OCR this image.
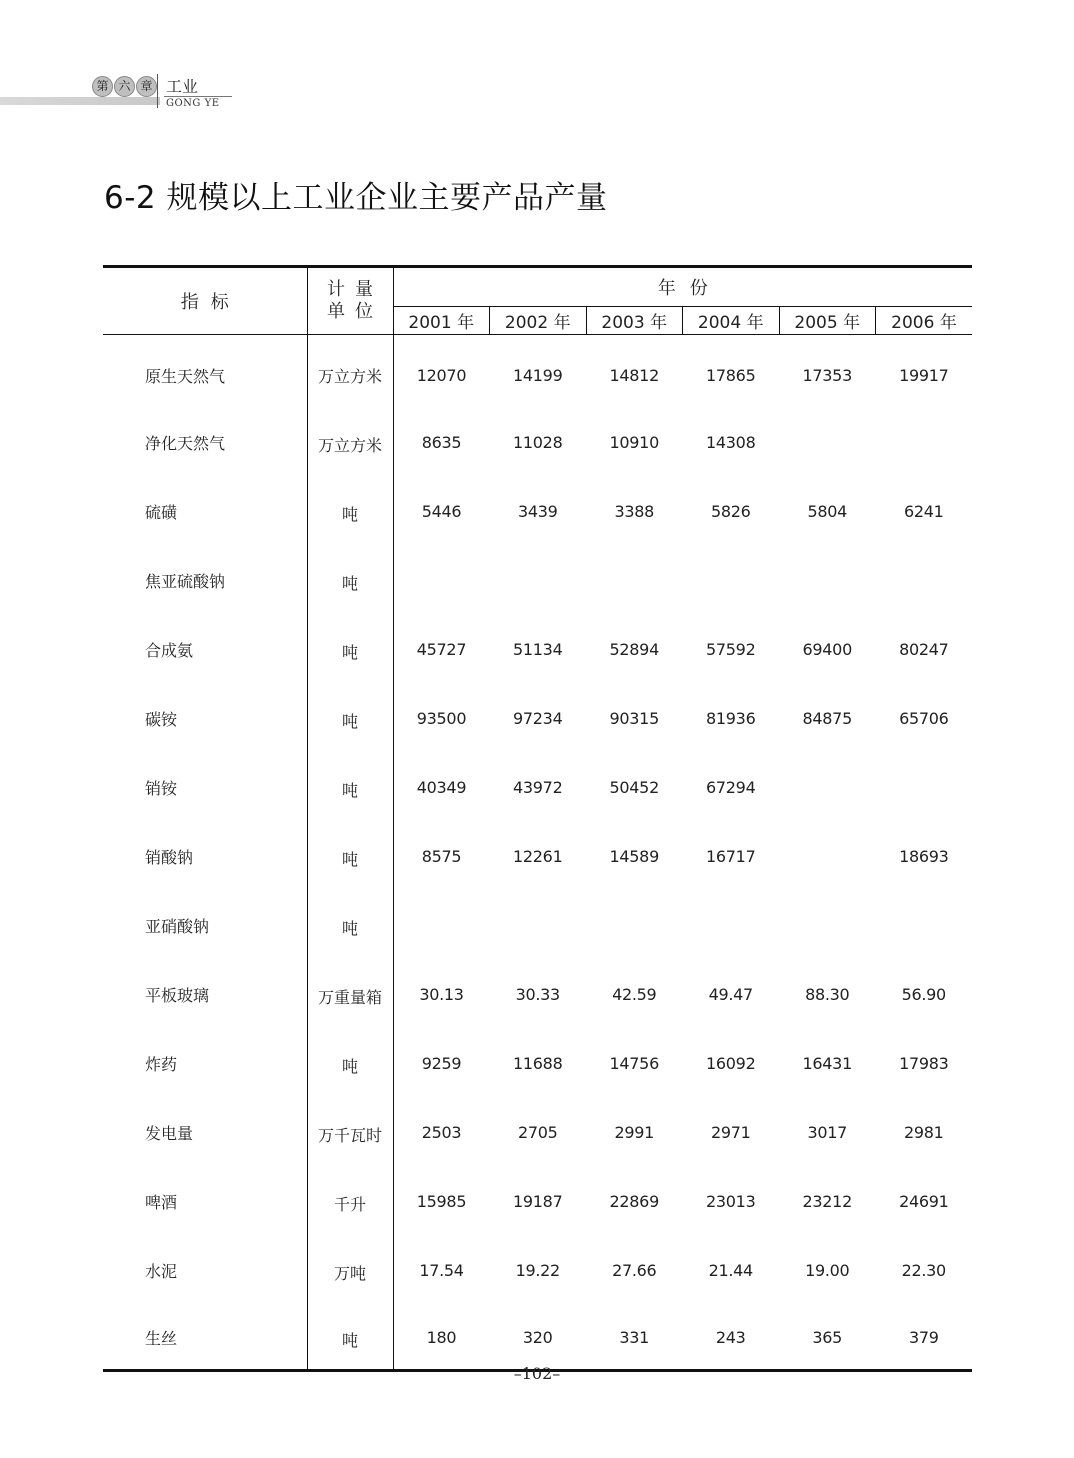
第 六 章 工业
GONG YE
6-2 规模以上工业企业主要产品产量
指标	计量
单位	年份					
		2001 年	2002 年	2003 年	2004 年	2005 年	2006 年
原生天然气	万立方米	12070	14199	14812	17865	17353	19917
净化天然气	万立方米	8635	11028	10910	14308		
硫磺	吨	5446	3439	3388	5826	5804	6241
焦亚硫酸钠	吨						
合成氨	吨	45727	51134	52894	57592	69400	80247
碳铵	吨	93500	97234	90315	81936	84875	65706
销铵	吨	40349	43972	50452	67294		
销酸钠	吨	8575	12261	14589	16717		18693
亚硝酸钠	吨						
平板玻璃	万重量箱	30.13	30.33	42.59	49.47	88.30	56.90
炸药	吨	9259	11688	14756	16092	16431	17983
发电量	万千瓦时	2503	2705	2991	2971	3017	2981
啤酒	千升	15985	19187	22869	23013	23212	24691
水泥	万吨	17.54	19.22	27.66	21.44	19.00	22.30
生丝	吨	180	320	331	243	365	379
–102–
